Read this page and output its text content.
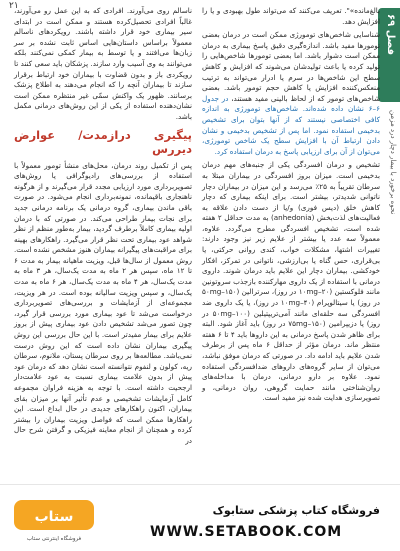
۲۱
فصل ۶۹
نحوه برخورد با بیمار دچار درد مزمن

بالغ‌مانده»". تعریف می‌کنند که می‌تواند طول بهبودی و یا را افزایش دهد.

شناسایی شاخص‌های تومورژی ممکن است در درمان بعضی تومورها مفید باشد. اندازه‌گیری دقیق پاسخ بیماری به درمان ممکن است دشوار باشد. اما بعضی تومورها شاخص‌هایی را تولید کرده یا باعث تولیدشان می‌شوند که افزایش و کاهش سطح این شاخص‌ها در سرم یا ادرار می‌تواند به ترتیب منعکس‌کننده افزایش یا کاهش حجم تومور باشد. بعضی شاخص‌های تومور که از لحاظ بالینی مفید هستند، در جدول ۶–۶ نشان داده شده‌اند. شاخص‌های تومورژی به اندازه کافی اختصاصی نیستند که از آنها بتوان برای تشخیص بدخیمی استفاده نمود. اما پس از تشخیص بدخیمی و نشان دادن ارتباط آن با افزایش سطح یک شاخص تومورژی، می‌توان از آن برای ارزیابی پاسخ به درمان استفاده کرد.

تشخیص و درمان افسردگی یکی از جنبه‌های مهم درمان بدخیمی است. میزان بروز افسردگی در بیماران مبتلا به سرطان تقریباً به ۲۵٪ می‌رسد و این میزان در بیماران دچار ناتوانی شدیدتر، بیشتر است. برای اینکه بیماری که دچار کاهش خلق (دیس فوری) و/یا از دست دادن علاقه به فعالیت‌های لذت‌بخش (anhedonia) به مدت حداقل ۲ هفته شده است، تشخیص افسردگی مطرح می‌گردد. علاوه، معمولاً سه عدد یا بیشتر از علایم زیر نیز وجود دارند: تغییرات اشتها، مشکلات خواب، کندی روانی حرکتی، یا بی‌قراری، حس گناه یا بی‌ارزشی، ناتوانی در تمرکز، افکار خودکشی. بیماران دچار این علایم باید درمان شوند. داروی درمانی با استفاده از یک داروی مهارکننده بازجذب سروتونین مانند فلوکستین (۲۰–۱۰mg در روز)، سرترالین (۱۵۰–۵۰mg در روز) یا سیتالوپرام (۴۰–۱۰mg در روز)، یا یک داروی ضد افسردگی سه حلقه‌ای مانند آمی‌تریپتیلین (۱۰۰–۵۰mg در روز) یا دزیپرامین (۱۵۰–۷۵mg در روز) باید آغاز شود. البته برای ظاهر شدن پاسخ درمانی به این داروها باید ۴ تا ۶ هفته منتظر ماند. درمان مؤثر از حداقل ۶ ماه پس از برطرف شدن علایم باید ادامه داد. در صورتی که درمان موفق نباشد، می‌توان از سایر گروه‌های داروهای ضدافسردگی استفاده نمود. علاوه بر دارو درمانی، درمان با مداخله‌های روان‌شناختی مانند حمایت گروهی، روان درمانی، و تصویرسازی هدایت شده نیز مفید است.

ناسالم روی می‌آورند. افرادی که به این عمل رو می‌آورند، غالباً افرادی تحصیل‌کرده هستند و ممکن است در ابتدای سیر بیماری خود قرار داشته باشند. رویکردهای ناسالم معمولاً براساس داستان‌هایی اساس ثابت نشده بر سر زبان‌ها می‌افتند و یا توسط به بیمار کمکی نمی‌کنند بلکه می‌توانند به وی آسیب وارد سازند. پزشکان باید سعی کنند تا رویکردی باز و بدون قضاوت با بیماران خود ارتباط برقرار سازند تا بیماران آنچه را که انجام می‌دهند به اطلاع پزشک برسانند. ظهور یک واکنش سمّی غیر منتظره ممکن است نشان‌دهنده استفاده از یکی از این روش‌های درمانی مکمل باشد.

پیگیری درازمدت/ عوارض دیررس

پس از تکمیل روند درمان، محل‌های منشأ تومور معمولاً با استفاده از بررسی‌های رادیوگرافی یا روش‌های تصویربرداری مورد ارزیابی مجدد قرار می‌گیرند و از هرگونه ناهنجاری باقیمانده، نمونه‌برداری انجام می‌شود. در صورت باقی ماندن بیماری، گروه درمانی یک برنامه درمانی جدید برای نجات بیمار طراحی می‌کند. در صورتی که با درمان اولیه بیماری کاملاً برطرف گردید، بیمار به‌طور منظم از نظر شواهد عود بیماری تحت نظر قرار می‌گیرد. راهکارهای بهینه برای مراقبت‌های پیگیرانه بیماران هنوز مشخص نشده است. روش معمول از سال‌ها قبل، ویزیت ماهیانه بیمار به مدت ۶ تا ۱۲ ماه، سپس هر ۲ ماه به مدت یک‌سال، هر ۳ ماه به مدت یک‌سال، هر ۴ ماه به مدت یک‌سال، هر ۶ ماه به مدت یک‌سال، و سپس ویزیت سالیانه بوده است. در هر ویزیت، مجموعه‌ای از آزمایشات و بررسی‌های تصویربرداری درخواست می‌شد تا عود بیماری مورد بررسی قرار گیرد، چون تصور می‌شد تشخیص دادن عود بیماری پیش از بروز علایم برای بیمار مفیدتر است. با این حال بررسی این روش پیگیری بیماران نشان داده است که این روش درست نمی‌باشد. مطالعه‌ها بر روی سرطان پستان، ملانوم، سرطان ریه، کولون و لنفوم نتوانسته است نشان دهد که درمان عود پیش از بدون علامت بیماری نسبت به عود علامت‌دار ارجحیت داشته است. با توجه به هزینه فراوان مجموعه کامل آزمایشات تشخیصی و عدم تأثیر آنها بر میزان بقای بیماران، اکنون راهکارهای جدیدی در حال ابداع است. این راهکارها ممکن است که فواصل ویزیت بیماران را بیشتر کرده و همچنان از انجام معاینه فیزیکی و گرفتن شرح حال در

ستاب
فروشگاه اینترنتی ستاب
فروشگاه کتاب پزشکی ستابوک
WWW.SETABOOK.COM
